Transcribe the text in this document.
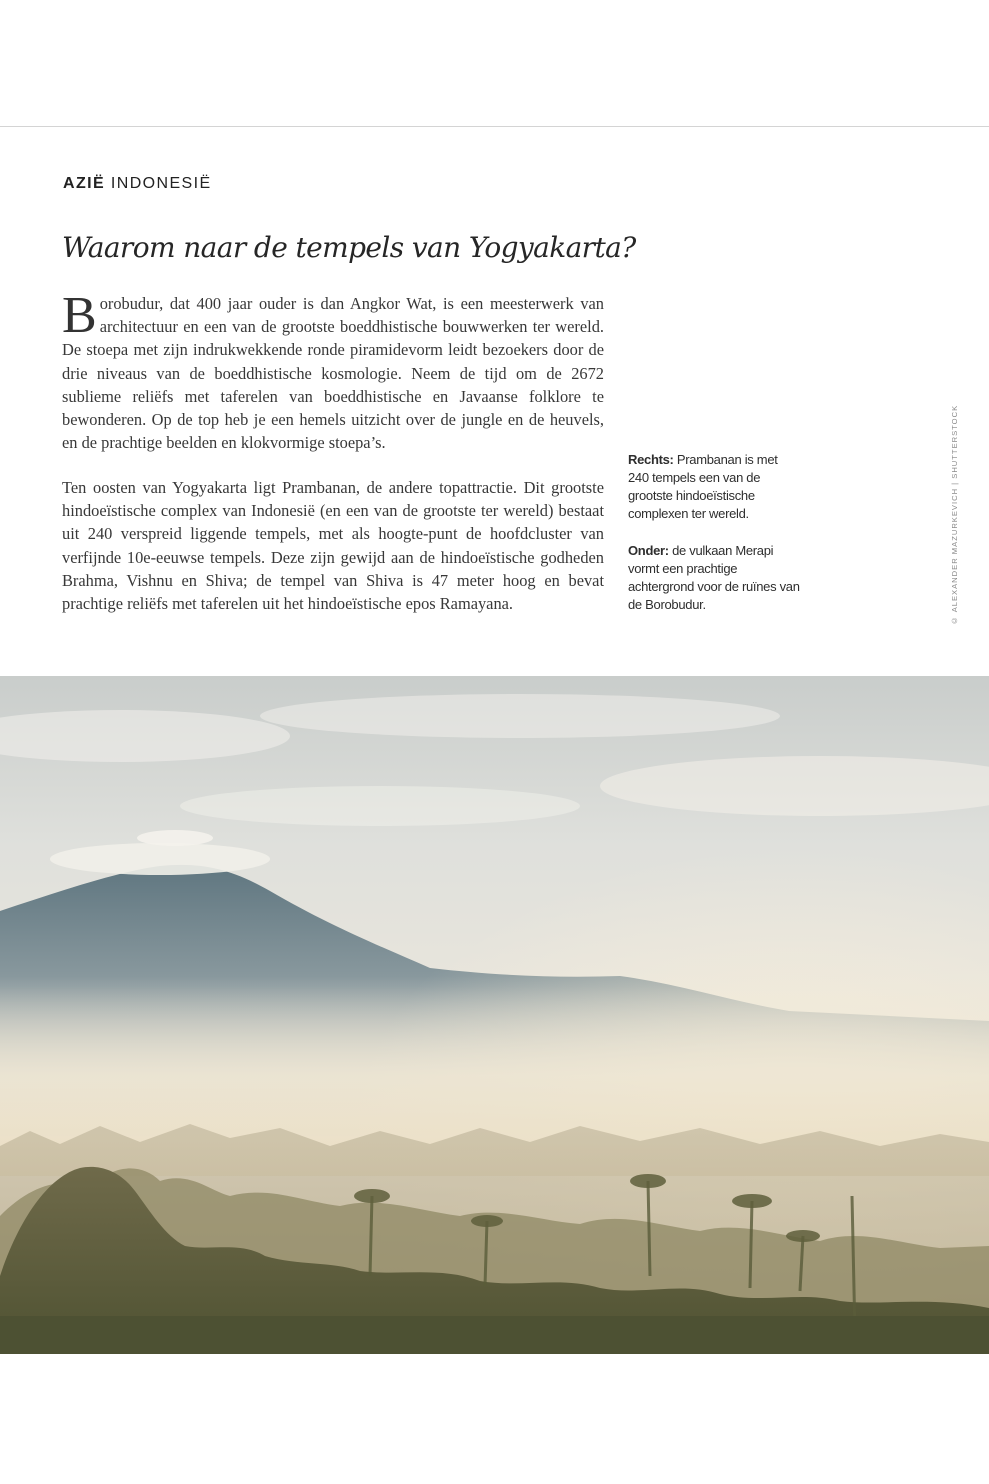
AZIË INDONESIË
Waarom naar de tempels van Yogyakarta?

B orobudur, dat 400 jaar ouder is dan Angkor Wat, is een meesterwerk van architectuur en een van de grootste boeddhistische bouwwerken ter wereld. De stoepa met zijn indrukwekkende ronde piramidevorm leidt bezoekers door de drie niveaus van de boeddhistische kosmologie. Neem de tijd om de 2672 sublieme reliëfs met taferelen van boeddhistische en Javaanse folklore te bewonderen. Op de top heb je een hemels uitzicht over de jungle en de heuvels, en de prachtige beelden en klokvormige stoepa’s.

Ten oosten van Yogyakarta ligt Prambanan, de andere topattractie. Dit grootste hindoeïstische complex van Indonesië (en een van de grootste ter wereld) bestaat uit 240 verspreid liggende tempels, met als hoogte-punt de hoofdcluster van verfijnde 10e-eeuwse tempels. Deze zijn gewijd aan de hindoeïstische godheden Brahma, Vishnu en Shiva; de tempel van Shiva is 47 meter hoog en bevat prachtige reliëfs met taferelen uit het hindoeïstische epos Ramayana.

Rechts: Prambanan is met 240 tempels een van de grootste hindoeïstische complexen ter wereld.

Onder: de vulkaan Merapi vormt een prachtige achtergrond voor de ruïnes van de Borobudur.	© ALEXANDER MAZURKEVICH | SHUTTERSTOCK
